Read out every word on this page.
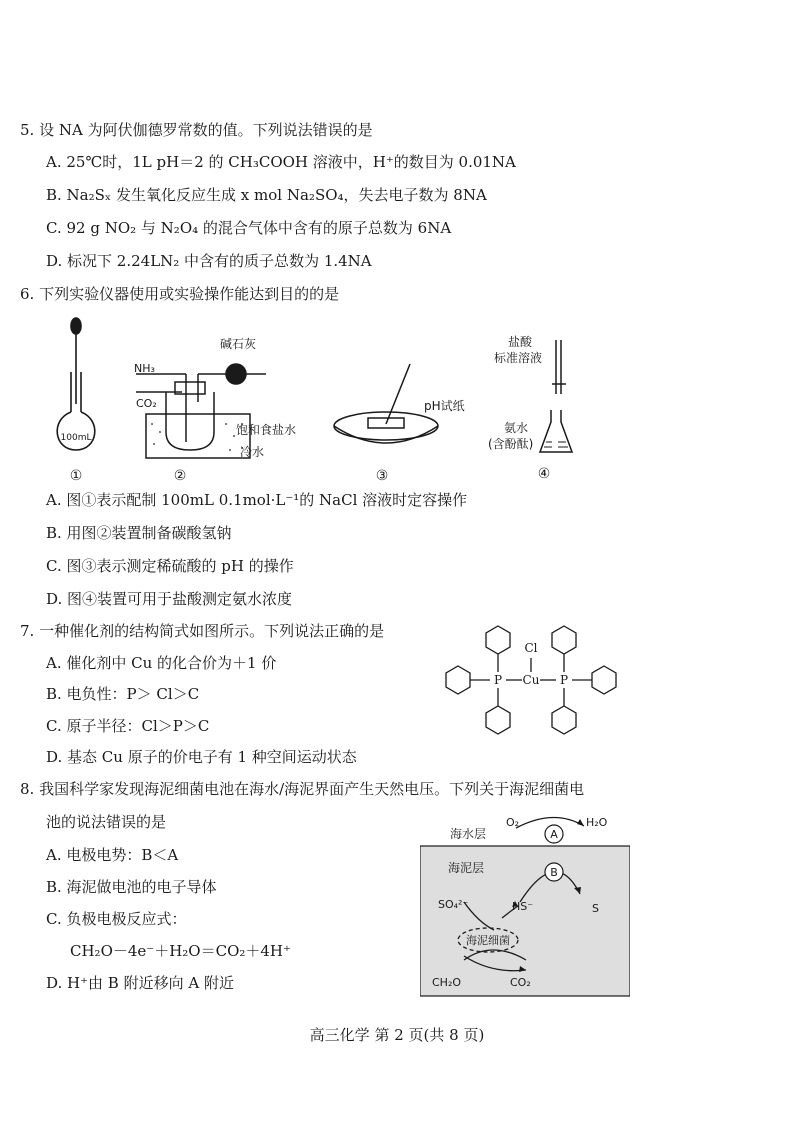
5. 设 NA 为阿伏伽德罗常数的值。下列说法错误的是
A. 25℃时，1L pH＝2 的 CH₃COOH 溶液中，H⁺的数目为 0.01NA
B. Na₂Sₓ 发生氧化反应生成 x mol Na₂SO₄，失去电子数为 8NA
C. 92 g NO₂ 与 N₂O₄ 的混合气体中含有的原子总数为 6NA
D. 标况下 2.24LN₂ 中含有的质子总数为 1.4NA
6. 下列实验仪器使用或实验操作能达到目的的是
100mL
①
NH₃
CO₂
碱石灰
饱和食盐水
冷水
②
pH试纸
③
盐酸
标准溶液
氨水
(含酚酞)
④
A. 图①表示配制 100mL 0.1mol·L⁻¹的 NaCl 溶液时定容操作
B. 用图②装置制备碳酸氢钠
C. 图③表示测定稀硫酸的 pH 的操作
D. 图④装置可用于盐酸测定氨水浓度
7. 一种催化剂的结构简式如图所示。下列说法正确的是
A. 催化剂中 Cu 的化合价为＋1 价
B. 电负性：P＞ Cl＞C
C. 原子半径：Cl＞P＞C
D. 基态 Cu 原子的价电子有 1 种空间运动状态
Cl
Cu
P	P
8. 我国科学家发现海泥细菌电池在海水/海泥界面产生天然电压。下列关于海泥细菌电
池的说法错误的是
A. 电极电势：B＜A
B. 海泥做电池的电子导体
C. 负极电极反应式：
CH₂O－4e⁻＋H₂O＝CO₂＋4H⁺
D. H⁺由 B 附近移向 A 附近
A
B
海水层
海泥层
O₂	H₂O
SO₄²⁻	HS⁻	S
海泥细菌
CH₂O	CO₂
高三化学 第 2 页(共 8 页)
